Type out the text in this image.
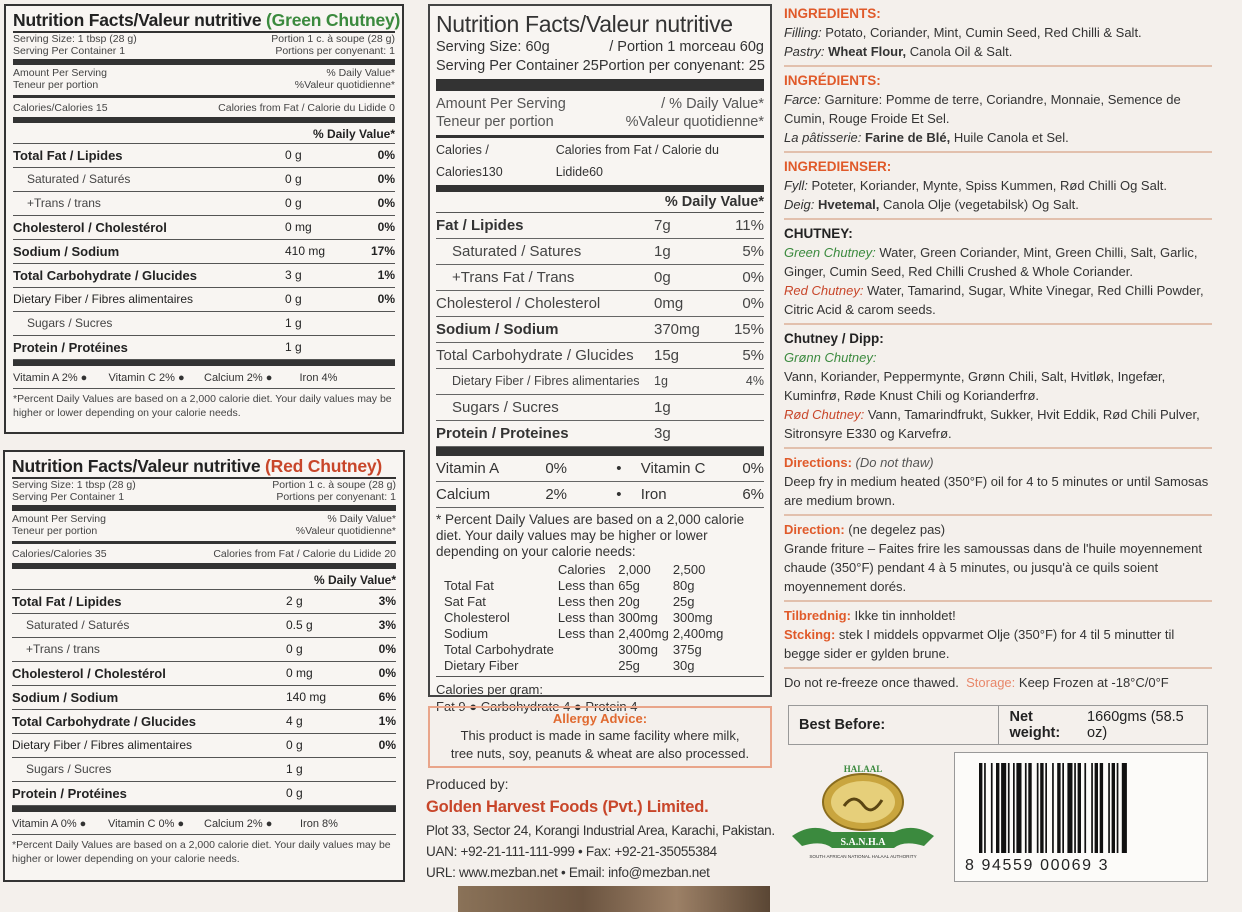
Nutrition Facts/Valeur nutritive (Green Chutney)
Serving Size: 1 tbsp (28 g)	Portion 1 c. à soupe (28 g)
Serving Per Container 1	Portions per conyenant: 1
Amount Per Serving	% Daily Value*
Teneur per portion	%Valeur quotidienne*
Calories/Calories 15	Calories from Fat / Calorie du Lidide 0
% Daily Value*
Total Fat / Lipides	0 g	0%
Saturated / Saturés	0 g	0%
+Trans / trans	0 g	0%
Cholesterol / Cholestérol	0 mg	0%
Sodium / Sodium	410 mg	17%
Total Carbohydrate / Glucides	3 g	1%
Dietary Fiber / Fibres alimentaires	0 g	0%
Sugars / Sucres	1 g
Protein / Protéines	1 g
Vitamin A 2% ●	Vitamin C 2% ●	Calcium 2% ●	Iron 4%
*Percent Daily Values are based on a 2,000 calorie diet. Your daily values may be higher or lower depending on your calorie needs.
Nutrition Facts/Valeur nutritive (Red Chutney)
Serving Size: 1 tbsp (28 g)	Portion 1 c. à soupe (28 g)
Serving Per Container 1	Portions per conyenant: 1
Amount Per Serving	% Daily Value*
Teneur per portion	%Valeur quotidienne*
Calories/Calories 35	Calories from Fat / Calorie du Lidide 20
% Daily Value*
Total Fat / Lipides	2 g	3%
Saturated / Saturés	0.5 g	3%
+Trans / trans	0 g	0%
Cholesterol / Cholestérol	0 mg	0%
Sodium / Sodium	140 mg	6%
Total Carbohydrate / Glucides	4 g	1%
Dietary Fiber / Fibres alimentaires	0 g	0%
Sugars / Sucres	1 g
Protein / Protéines	0 g
Vitamin A 0% ●	Vitamin C 0% ●	Calcium 2% ●	Iron 8%
*Percent Daily Values are based on a 2,000 calorie diet. Your daily values may be higher or lower depending on your calorie needs.
Nutrition Facts/Valeur nutritive
Serving Size: 60g	/ Portion 1 morceau 60g
Serving Per Container 25 Portion per conyenant: 25
Amount Per Serving	/ % Daily Value*
Teneur per portion	%Valeur quotidienne*
Calories / Calories130
Calories from Fat / Calorie du Lidide60
% Daily Value*
Fat / Lipides	7g	11%
Saturated / Satures	1g	5%
+Trans Fat / Trans	0g	0%
Cholesterol / Cholesterol	0mg	0%
Sodium / Sodium	370mg	15%
Total Carbohydrate / Glucides	15g	5%
Dietary Fiber / Fibres alimentaries	1g	4%
Sugars / Sucres	1g
Protein / Proteines	3g
Vitamin A	0%	•	Vitamin C	0%
Calcium	2%	•	Iron	6%
* Percent Daily Values are based on a 2,000 calorie diet. Your daily values may be higher or lower depending on your calorie needs:
		Calories	2,000	2,500
	Total Fat	Less than	65g	80g
	Sat Fat	Less then	20g	25g
	Cholesterol	Less than	300mg	300mg
	Sodium	Less than	2,400mg	2,400mg
	Total Carbohydrate		300mg	375g
	Dietary Fiber		25g	30g
Calories per gram:
Fat 9 ● Carbohydrate 4 ● Protein 4
Allergy Advice:
This product is made in same facility where milk,
tree nuts, soy, peanuts & wheat are also processed.
Produced by:
Golden Harvest Foods (Pvt.) Limited.
Plot 33, Sector 24, Korangi Industrial Area, Karachi, Pakistan.
UAN: +92-21-111-111-999 • Fax: +92-21-35055384
URL: www.mezban.net • Email: info@mezban.net
INGREDIENTS:
Filling: Potato, Coriander, Mint, Cumin Seed, Red Chilli & Salt.
Pastry: Wheat Flour, Canola Oil & Salt.
INGRÉDIENTS:
Farce: Garniture: Pomme de terre, Coriandre, Monnaie, Semence de Cumin, Rouge Froide Et Sel.
La pâtisserie: Farine de Blé, Huile Canola et Sel.
INGREDIENSER:
Fyll: Poteter, Koriander, Mynte, Spiss Kummen, Rød Chilli Og Salt.
Deig: Hvetemal, Canola Olje (vegetabilsk) Og Salt.
CHUTNEY:
Green Chutney: Water, Green Coriander, Mint, Green Chilli, Salt, Garlic, Ginger, Cumin Seed, Red Chilli Crushed & Whole Coriander.
Red Chutney: Water, Tamarind, Sugar, White Vinegar, Red Chilli Powder, Citric Acid & carom seeds.
Chutney / Dipp:
Grønn Chutney:
Vann, Koriander, Peppermynte, Grønn Chili, Salt, Hvitløk, Ingefær, Kuminfrø, Røde Knust Chili og Korianderfrø.
Rød Chutney: Vann, Tamarindfrukt, Sukker, Hvit Eddik, Rød Chili Pulver, Sitronsyre E330 og Karvefrø.
Directions: (Do not thaw)
Deep fry in medium heated (350°F) oil for 4 to 5 minutes or until Samosas are medium brown.
Direction: (ne degelez pas)
Grande friture – Faites frire les samoussas dans de l'huile moyennement chaude (350°F) pendant 4 à 5 minutes, ou jusqu'à ce quils soient moyennement dorés.
Tilbrednig: Ikke tin innholdet!
Stcking: stek I middels oppvarmet Olje (350°F) for 4 til 5 minutter til begge sider er gylden brune.
Do not re-freeze once thawed. Storage: Keep Frozen at -18°C/0°F
Best Before:	Net weight:
1660gms (58.5 oz)
S.A.N.H.A
HALAAL
SOUTH AFRICAN NATIONAL HALAAL AUTHORITY
8 94559 00069 3
